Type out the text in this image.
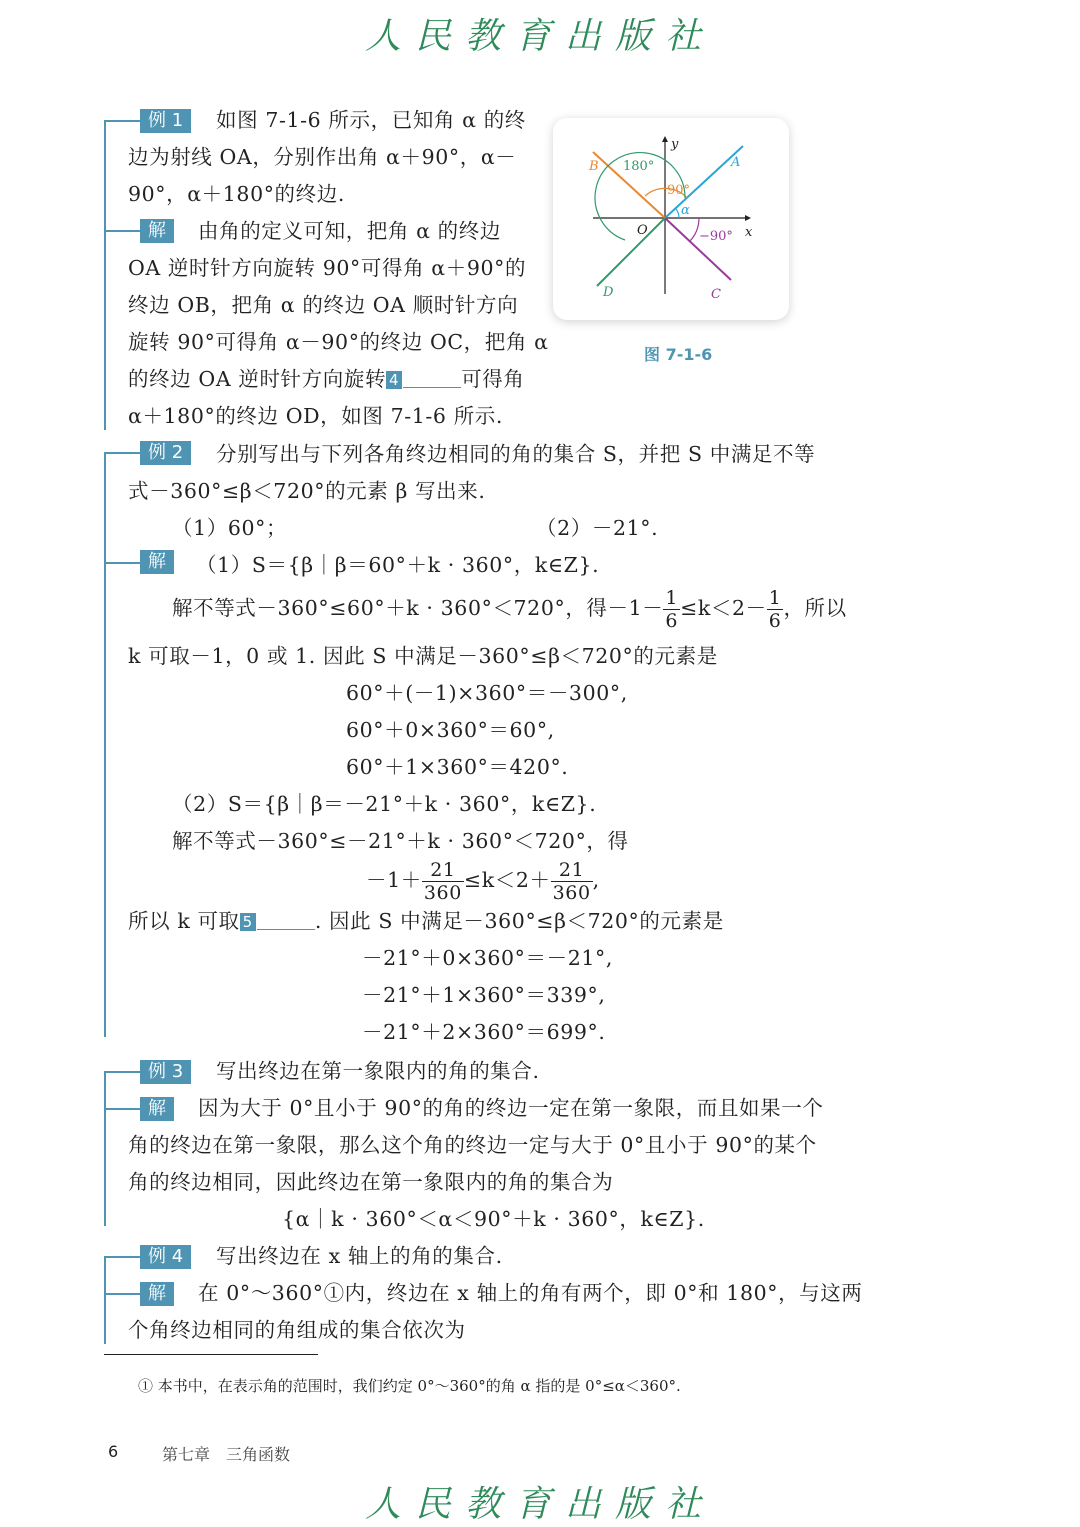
人民教育出版社
例 1	如图 7-1-6 所示，已知角 α 的终
边为射线 OA，分别作出角 α＋90°，α－
90°，α＋180°的终边.
解	由角的定义可知，把角 α 的终边
OA 逆时针方向旋转 90°可得角 α＋90°的
终边 OB，把角 α 的终边 OA 顺时针方向
旋转 90°可得角 α－90°的终边 OC，把角 α
的终边 OA 逆时针方向旋转 4	可得角
α＋180°的终边 OD，如图 7-1-6 所示.
y
x
O
A
B
C
D
180°
90°
α
−90°
图 7-1-6
例 2	分别写出与下列各角终边相同的角的集合 S，并把 S 中满足不等
式－360°≤β＜720°的元素 β 写出来.
（1）60°；	（2）－21°.
解	（1）S＝{β｜β＝60°＋k · 360°，k∈Z}.
解不等式－360°≤60°＋k · 360°＜720°，得$-1- \frac{1}{6} \le k<2- \frac{1}{6}$ ，所以
k 可取－1，0 或 1. 因此 S 中满足－360°≤β＜720°的元素是
60°＋(－1)×360°＝－300°,
60°＋0×360°＝60°,
60°＋1×360°＝420°.
（2）S＝{β｜β＝－21°＋k · 360°，k∈Z}.
解不等式－360°≤－21°＋k · 360°＜720°，得
$-1+ \frac{21}{360} \le k<2+ \frac{21}{360}$ ,
所以 k 可取 5	. 因此 S 中满足－360°≤β＜720°的元素是
－21°＋0×360°＝－21°,
－21°＋1×360°＝339°,
－21°＋2×360°＝699°.
例 3	写出终边在第一象限内的角的集合.
解	因为大于 0°且小于 90°的角的终边一定在第一象限，而且如果一个
角的终边在第一象限，那么这个角的终边一定与大于 0°且小于 90°的某个
角的终边相同，因此终边在第一象限内的角的集合为
{α｜k · 360°＜α＜90°＋k · 360°，k∈Z}.
例 4	写出终边在 x 轴上的角的集合.
解	在 0°～360°①内，终边在 x 轴上的角有两个，即 0°和 180°，与这两
个角终边相同的角组成的集合依次为
① 本书中，在表示角的范围时，我们约定 0°～360°的角 α 指的是 0°≤α＜360°.
6	第七章　三角函数
人民教育出版社
